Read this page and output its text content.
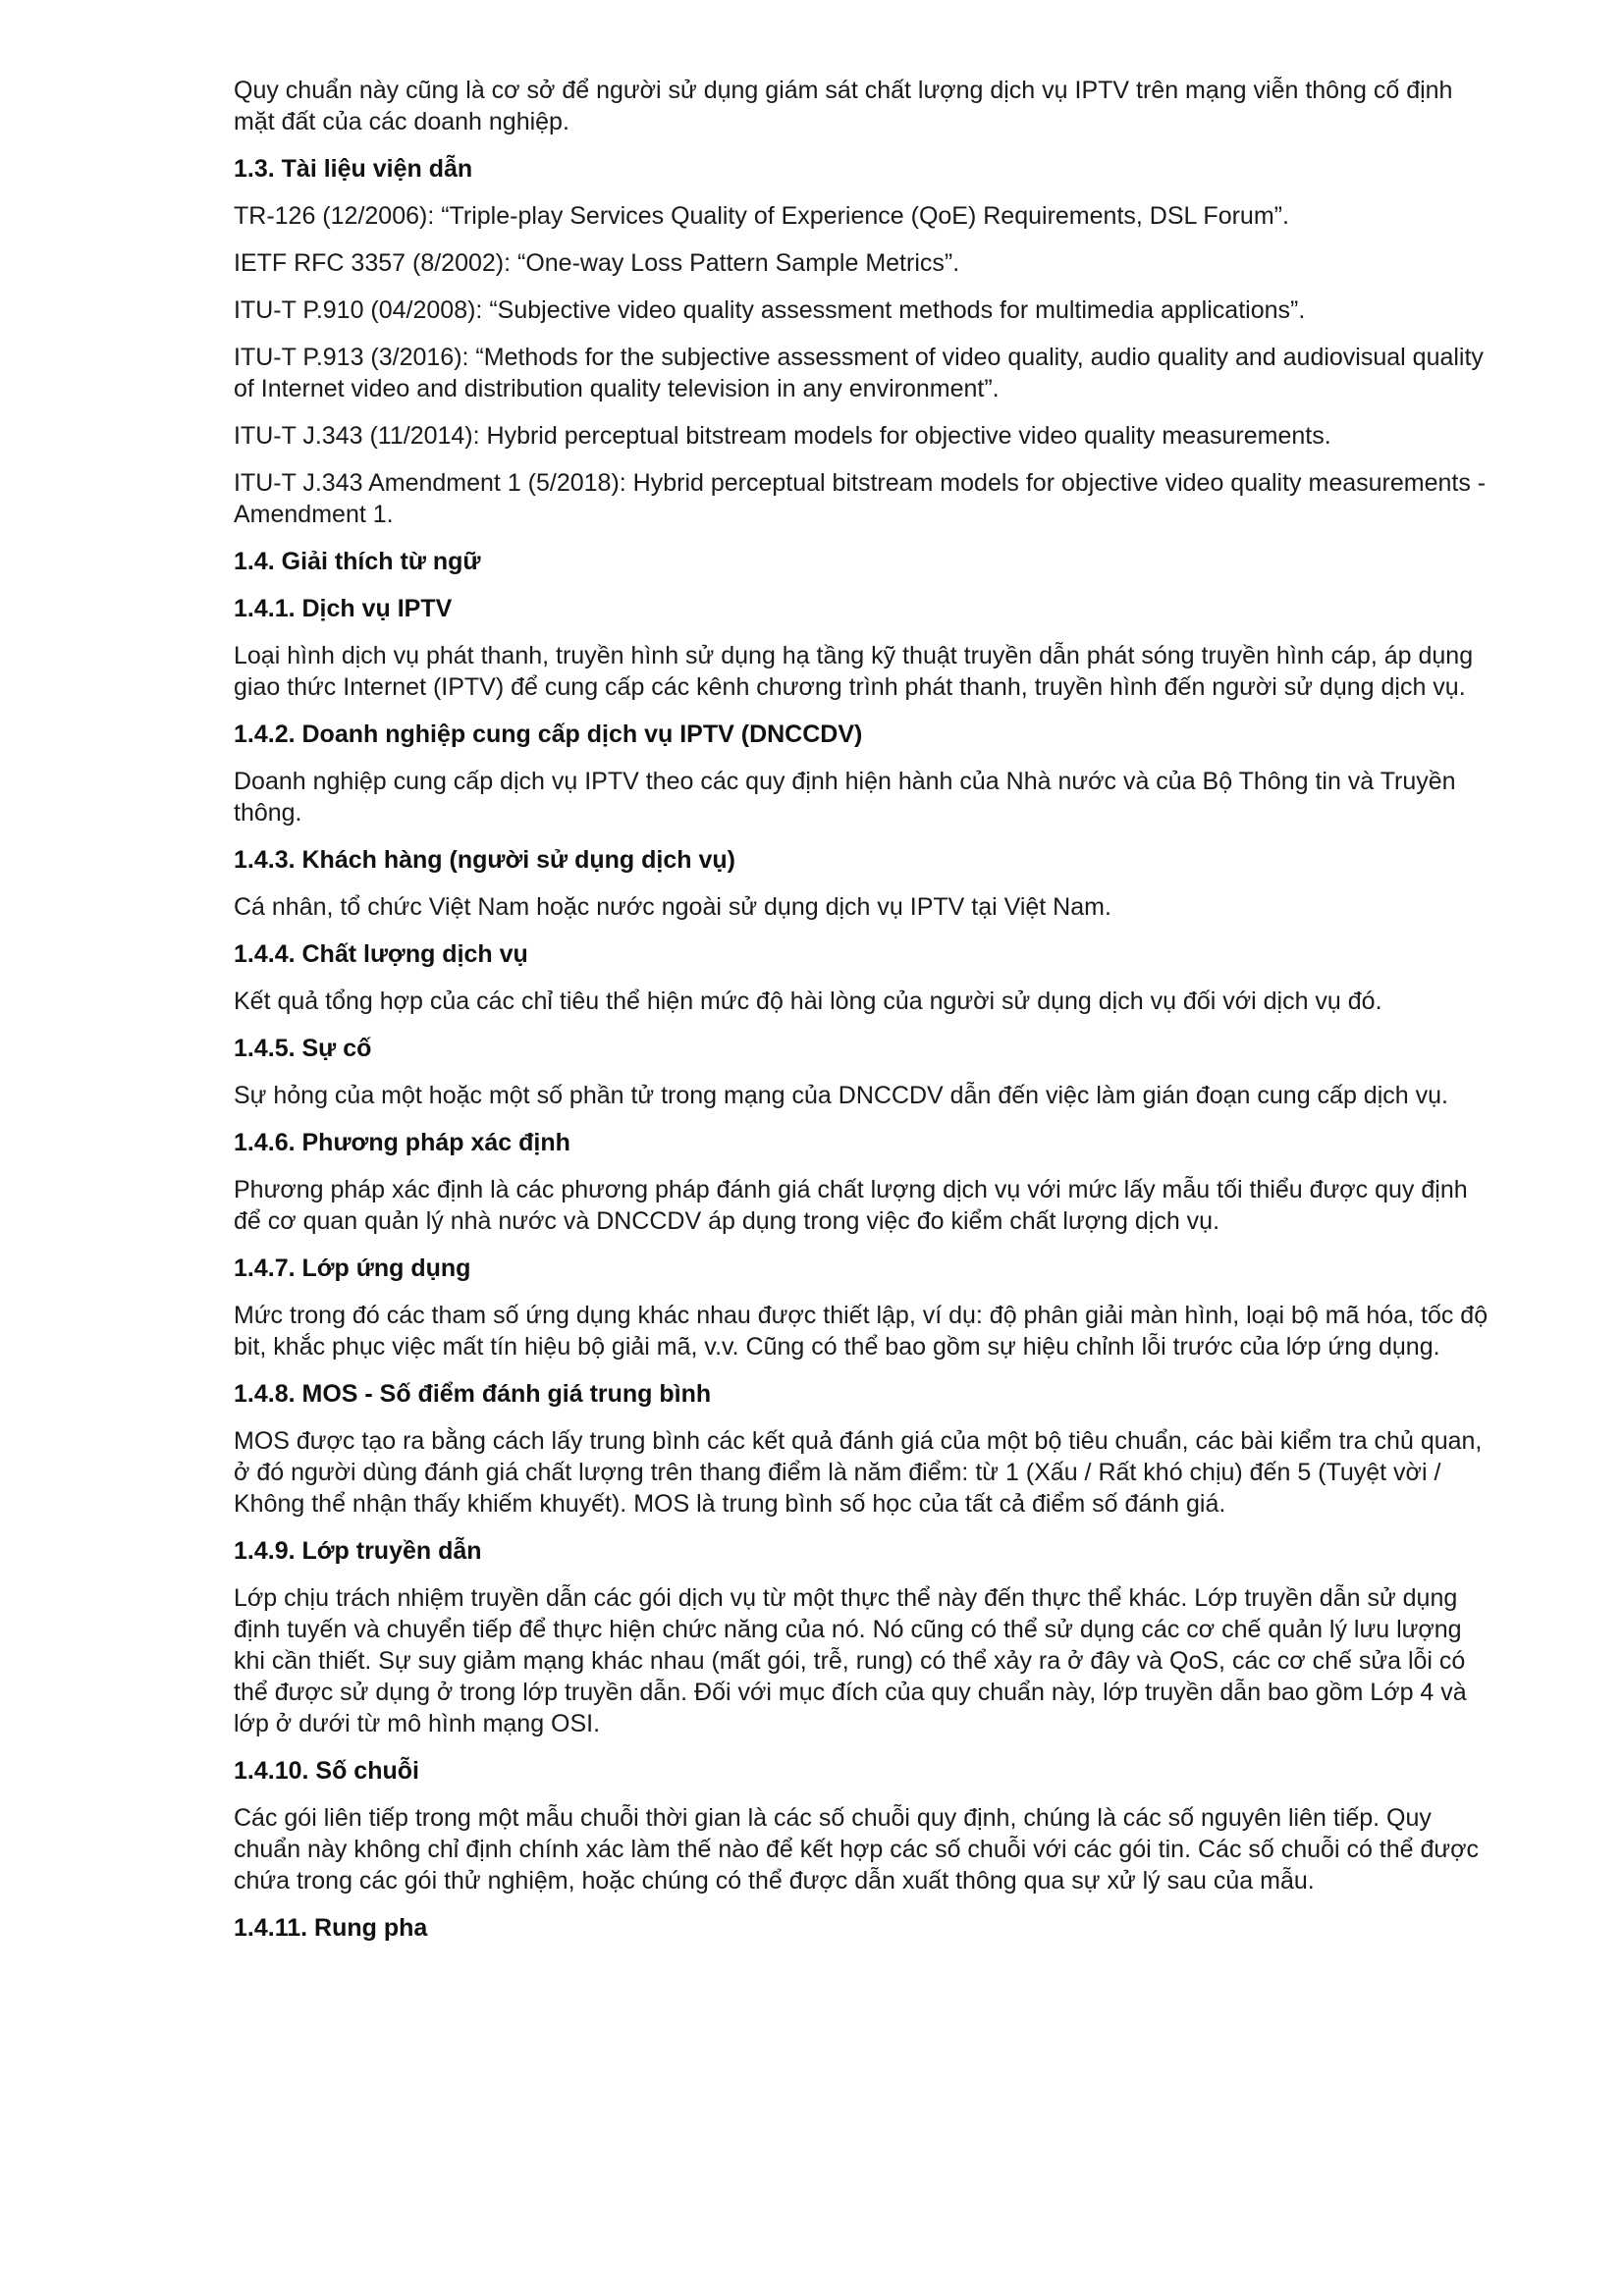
Quy chuẩn này cũng là cơ sở để người sử dụng giám sát chất lượng dịch vụ IPTV trên mạng viễn thông cố định mặt đất của các doanh nghiệp.

1.3. Tài liệu viện dẫn

TR-126 (12/2006): “Triple-play Services Quality of Experience (QoE) Requirements, DSL Forum”.

IETF RFC 3357 (8/2002): “One-way Loss Pattern Sample Metrics”.

ITU-T P.910 (04/2008): “Subjective video quality assessment methods for multimedia applications”.

ITU-T P.913 (3/2016): “Methods for the subjective assessment of video quality, audio quality and audiovisual quality of Internet video and distribution quality television in any environment”.

ITU-T J.343 (11/2014): Hybrid perceptual bitstream models for objective video quality measurements.

ITU-T J.343 Amendment 1 (5/2018): Hybrid perceptual bitstream models for objective video quality measurements - Amendment 1.

1.4. Giải thích từ ngữ

1.4.1. Dịch vụ IPTV

Loại hình dịch vụ phát thanh, truyền hình sử dụng hạ tầng kỹ thuật truyền dẫn phát sóng truyền hình cáp, áp dụng giao thức Internet (IPTV) để cung cấp các kênh chương trình phát thanh, truyền hình đến người sử dụng dịch vụ.

1.4.2. Doanh nghiệp cung cấp dịch vụ IPTV (DNCCDV)

Doanh nghiệp cung cấp dịch vụ IPTV theo các quy định hiện hành của Nhà nước và của Bộ Thông tin và Truyền thông.

1.4.3. Khách hàng (người sử dụng dịch vụ)

Cá nhân, tổ chức Việt Nam hoặc nước ngoài sử dụng dịch vụ IPTV tại Việt Nam.

1.4.4. Chất lượng dịch vụ

Kết quả tổng hợp của các chỉ tiêu thể hiện mức độ hài lòng của người sử dụng dịch vụ đối với dịch vụ đó.

1.4.5. Sự cố

Sự hỏng của một hoặc một số phần tử trong mạng của DNCCDV dẫn đến việc làm gián đoạn cung cấp dịch vụ.

1.4.6. Phương pháp xác định

Phương pháp xác định là các phương pháp đánh giá chất lượng dịch vụ với mức lấy mẫu tối thiểu được quy định để cơ quan quản lý nhà nước và DNCCDV áp dụng trong việc đo kiểm chất lượng dịch vụ.

1.4.7. Lớp ứng dụng

Mức trong đó các tham số ứng dụng khác nhau được thiết lập, ví dụ: độ phân giải màn hình, loại bộ mã hóa, tốc độ bit, khắc phục việc mất tín hiệu bộ giải mã, v.v. Cũng có thể bao gồm sự hiệu chỉnh lỗi trước của lớp ứng dụng.

1.4.8. MOS - Số điểm đánh giá trung bình

MOS được tạo ra bằng cách lấy trung bình các kết quả đánh giá của một bộ tiêu chuẩn, các bài kiểm tra chủ quan, ở đó người dùng đánh giá chất lượng trên thang điểm là năm điểm: từ 1 (Xấu / Rất khó chịu) đến 5 (Tuyệt vời / Không thể nhận thấy khiếm khuyết). MOS là trung bình số học của tất cả điểm số đánh giá.

1.4.9. Lớp truyền dẫn

Lớp chịu trách nhiệm truyền dẫn các gói dịch vụ từ một thực thể này đến thực thể khác. Lớp truyền dẫn sử dụng định tuyến và chuyển tiếp để thực hiện chức năng của nó. Nó cũng có thể sử dụng các cơ chế quản lý lưu lượng khi cần thiết. Sự suy giảm mạng khác nhau (mất gói, trễ, rung) có thể xảy ra ở đây và QoS, các cơ chế sửa lỗi có thể được sử dụng ở trong lớp truyền dẫn. Đối với mục đích của quy chuẩn này, lớp truyền dẫn bao gồm Lớp 4 và lớp ở dưới từ mô hình mạng OSI.

1.4.10. Số chuỗi

Các gói liên tiếp trong một mẫu chuỗi thời gian là các số chuỗi quy định, chúng là các số nguyên liên tiếp. Quy chuẩn này không chỉ định chính xác làm thế nào để kết hợp các số chuỗi với các gói tin. Các số chuỗi có thể được chứa trong các gói thử nghiệm, hoặc chúng có thể được dẫn xuất thông qua sự xử lý sau của mẫu.

1.4.11. Rung pha
